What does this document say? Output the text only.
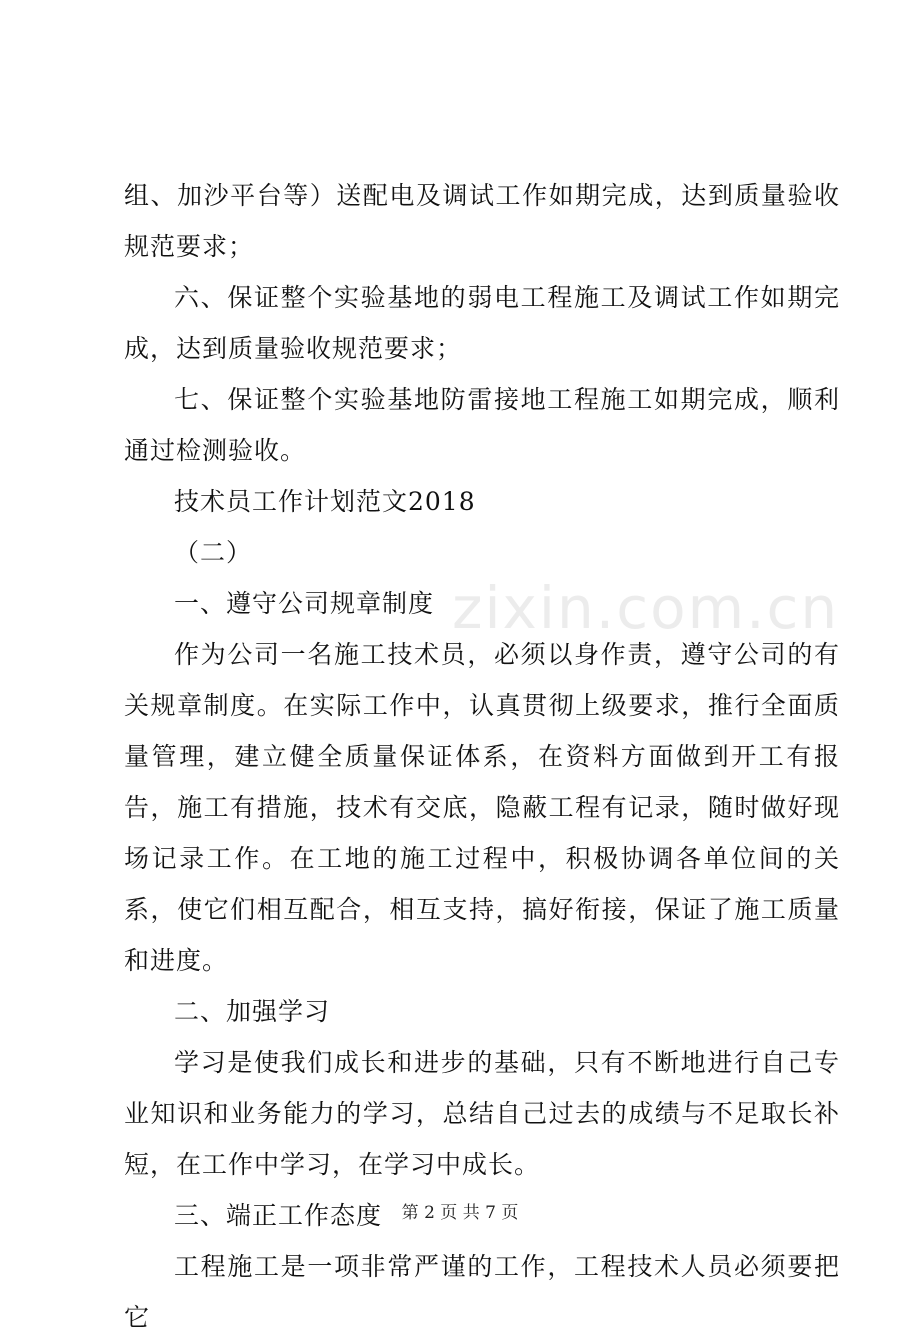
zixin.com.cn

组、加沙平台等）送配电及调试工作如期完成，达到质量验收规范要求；

六、保证整个实验基地的弱电工程施工及调试工作如期完成，达到质量验收规范要求；

七、保证整个实验基地防雷接地工程施工如期完成，顺利通过检测验收。

技术员工作计划范文2018

（二）

一、遵守公司规章制度

作为公司一名施工技术员，必须以身作责，遵守公司的有关规章制度。在实际工作中，认真贯彻上级要求，推行全面质量管理，建立健全质量保证体系，在资料方面做到开工有报告，施工有措施，技术有交底，隐蔽工程有记录，随时做好现场记录工作。在工地的施工过程中，积极协调各单位间的关系，使它们相互配合，相互支持，搞好衔接，保证了施工质量和进度。

二、加强学习

学习是使我们成长和进步的基础，只有不断地进行自己专业知识和业务能力的学习，总结自己过去的成绩与不足取长补短，在工作中学习，在学习中成长。

三、端正工作态度

工程施工是一项非常严谨的工作，工程技术人员必须要把它

第 2 页 共 7 页
